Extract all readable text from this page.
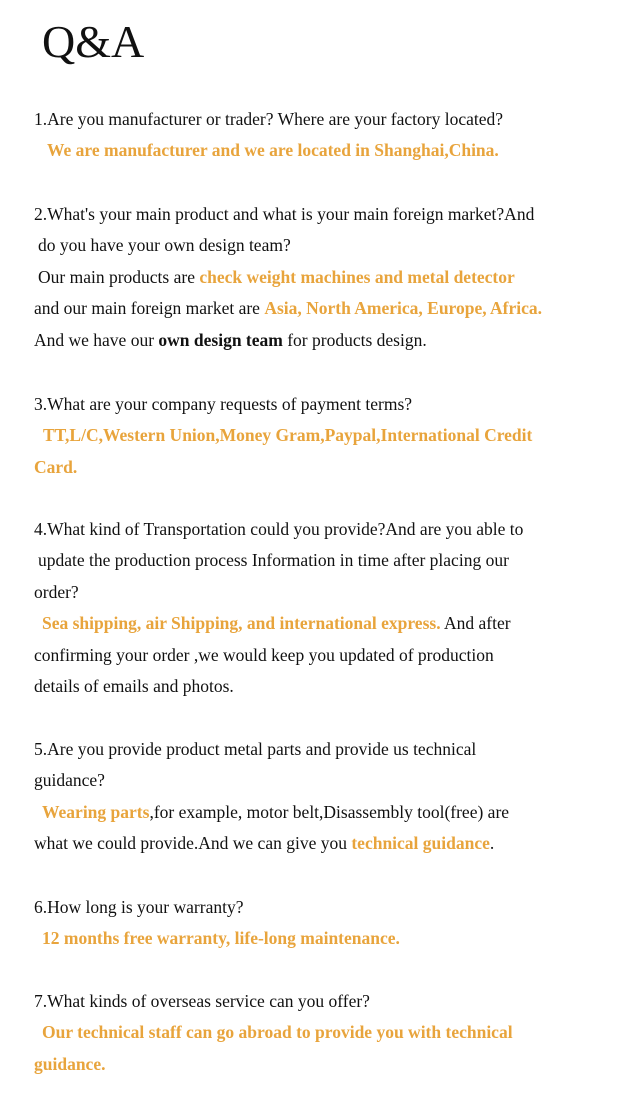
Q&A
1.Are you manufacturer or trader? Where are your factory located?
We are manufacturer and we are located in Shanghai,China.
2.What's your main product and what is your main foreign market?And
do you have your own design team?
Our main products are check weight machines and metal detector
and our main foreign market are Asia, North America, Europe, Africa.
And we have our own design team for products design.
3.What are your company requests of payment terms?
TT,L/C,Western Union,Money Gram,Paypal,International Credit
Card.
4.What kind of Transportation could you provide?And are you able to
update the production process Information in time after placing our
order?
Sea shipping, air Shipping, and international express. And after
confirming your order ,we would keep you updated of production
details of emails and photos.
5.Are you provide product metal parts and provide us technical
guidance?
Wearing parts,for example, motor belt,Disassembly tool(free) are
what we could provide.And we can give you technical guidance.
6.How long is your warranty?
12 months free warranty, life-long maintenance.
7.What kinds of overseas service can you offer?
Our technical staff can go abroad to provide you with technical
guidance.
